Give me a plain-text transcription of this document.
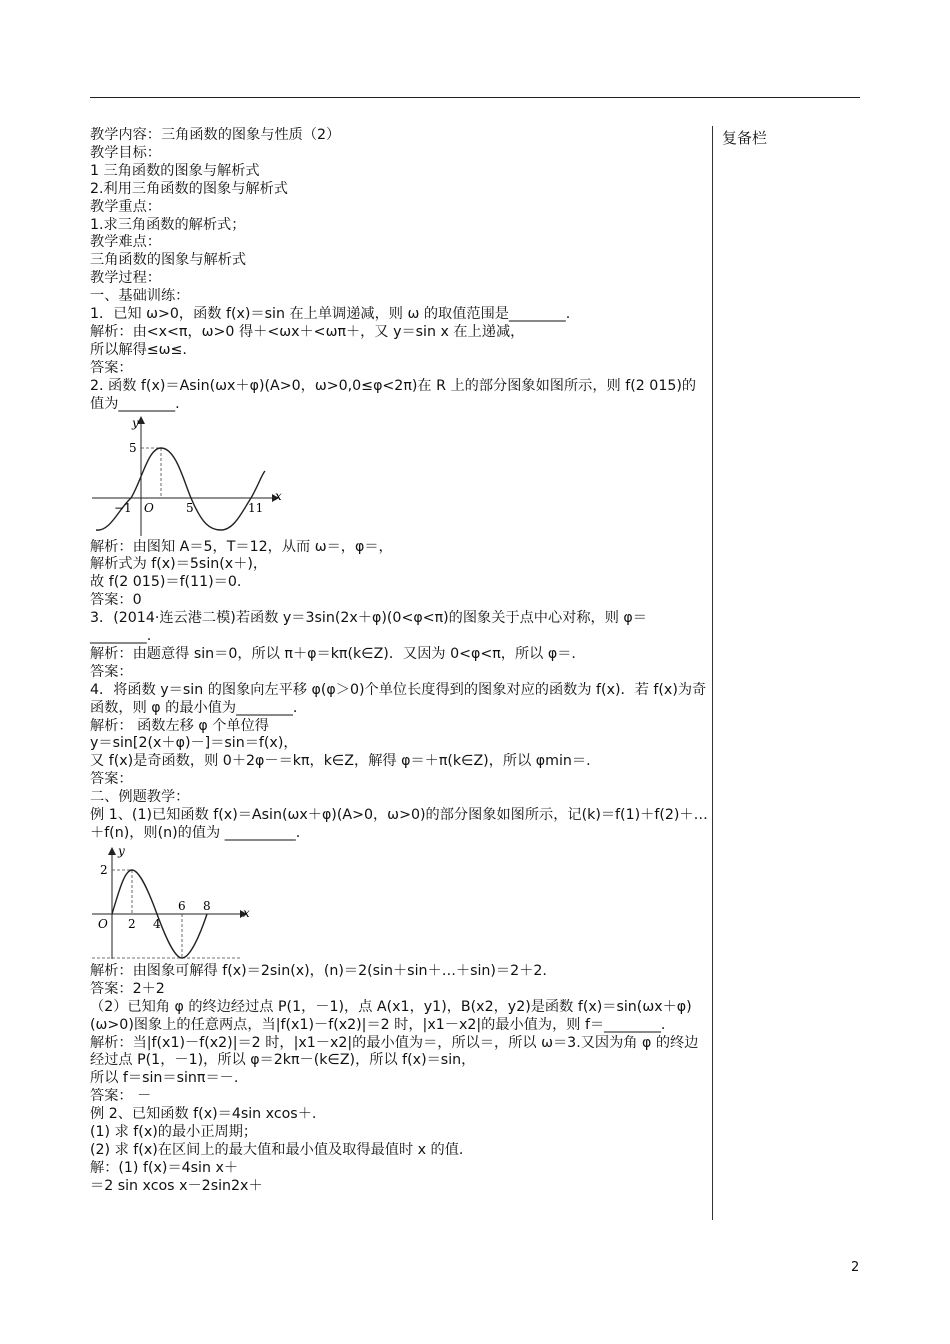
复备栏
教学内容：三角函数的图象与性质（2）
教学目标：
1 三角函数的图象与解析式
2.利用三角函数的图象与解析式
教学重点：
1.求三角函数的解析式；
教学难点：
三角函数的图象与解析式
教学过程：
一、基础训练：
1．已知 ω>0，函数 f(x)＝sin 在上单调递减，则 ω 的取值范围是________.
解析：由<x<π，ω>0 得＋<ωx＋<ωπ＋，又 y＝sin x 在上递减，
所以解得≤ω≤.
答案：
2. 函数 f(x)＝Asin(ωx＋φ)(A>0，ω>0,0≤φ<2π)在 R 上的部分图象如图所示，则 f(2 015)的值为________.
y
x
5
−1 O	5	11
解析：由图知 A＝5，T＝12，从而 ω＝，φ＝，
解析式为 f(x)＝5sin(x＋)，
故 f(2 015)＝f(11)＝0.
答案：0
3．(2014·连云港二模)若函数 y＝3sin(2x＋φ)(0<φ<π)的图象关于点中心对称，则 φ＝________.
解析：由题意得 sin＝0，所以 π＋φ＝kπ(k∈Z)．又因为 0<φ<π，所以 φ＝.
答案：
4．将函数 y＝sin 的图象向左平移 φ(φ＞0)个单位长度得到的图象对应的函数为 f(x)．若 f(x)为奇函数，则 φ 的最小值为________.
解析： 函数左移 φ 个单位得
y＝sin[2(x＋φ)－]＝sin＝f(x)，
又 f(x)是奇函数，则 0＋2φ－＝kπ，k∈Z，解得 φ＝＋π(k∈Z)，所以 φmin＝.
答案：
二、例题教学：
例 1、(1)已知函数 f(x)＝Asin(ωx＋φ)(A>0，ω>0)的部分图象如图所示，记(k)＝f(1)＋f(2)＋…＋f(n)，则(n)的值为 __________.
y
x
2
O 2 4
6 8
解析：由图象可解得 f(x)＝2sin(x)，(n)＝2(sin＋sin＋…＋sin)＝2＋2.
答案：2＋2
（2）已知角 φ 的终边经过点 P(1，－1)，点 A(x1，y1)，B(x2，y2)是函数 f(x)＝sin(ωx＋φ)(ω>0)图象上的任意两点，当|f(x1)－f(x2)|＝2 时，|x1－x2|的最小值为，则 f＝________.
解析：当|f(x1)－f(x2)|＝2 时，|x1－x2|的最小值为＝，所以＝，所以 ω＝3.又因为角 φ 的终边经过点 P(1，－1)，所以 φ＝2kπ－(k∈Z)，所以 f(x)＝sin，
所以 f＝sin＝sinπ＝－.
答案： －
例 2、已知函数 f(x)＝4sin xcos＋.
(1) 求 f(x)的最小正周期；
(2) 求 f(x)在区间上的最大值和最小值及取得最值时 x 的值.
解：(1) f(x)＝4sin x＋
＝2 sin xcos x－2sin2x＋
2
